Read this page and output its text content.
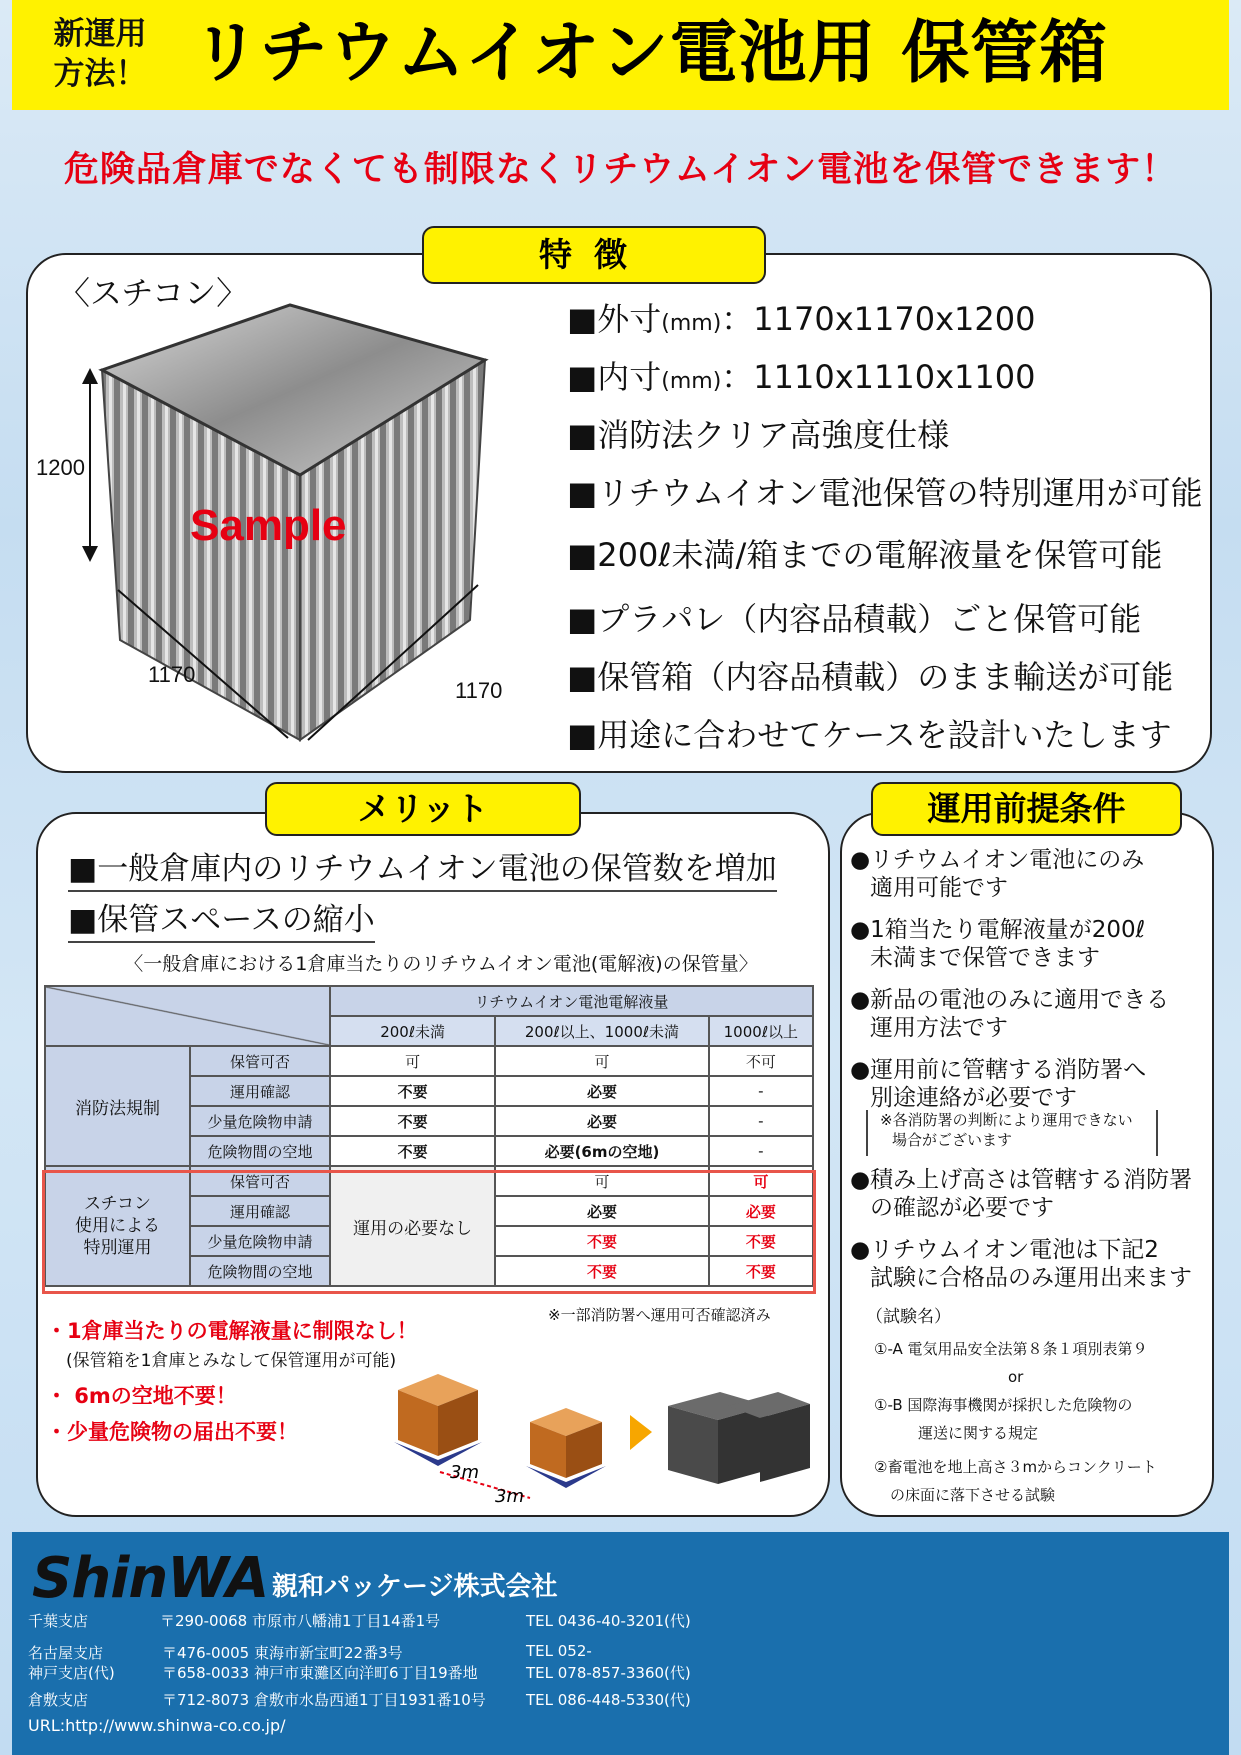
新運用
方法！ リチウムイオン電池用 保管箱
危険品倉庫でなくても制限なくリチウムイオン電池を保管できます！
特徴
〈スチコン〉
Sample
1200
1170
1170
■外寸(mm)：1170x1170x1200
■内寸(mm)：1110x1110x1100
■消防法クリア高強度仕様
■リチウムイオン電池保管の特別運用が可能
■200ℓ未満/箱までの電解液量を保管可能
■プラパレ（内容品積載）ごと保管可能
■保管箱（内容品積載）のまま輸送が可能
■用途に合わせてケースを設計いたします
メリット
■一般倉庫内のリチウムイオン電池の保管数を増加
■保管スペースの縮小
〈一般倉庫における1倉庫当たりのリチウムイオン電池(電解液)の保管量〉
		リチウムイオン電池電解液量		
		200ℓ未満	200ℓ以上、1000ℓ未満	1000ℓ以上
消防法規制	保管可否	可	可	不可
	運用確認	不要	必要	-
	少量危険物申請	不要	必要	-
	危険物間の空地	不要	必要(6mの空地)	-
スチコン
使用による
特別運用	保管可否	運用の必要なし	可	可
	運用確認		必要	必要
	少量危険物申請		不要	不要
	危険物間の空地		不要	不要
※一部消防署へ運用可否確認済み
・1倉庫当たりの電解液量に制限なし！
(保管箱を1倉庫とみなして保管運用が可能)
・ 6mの空地不要！
・少量危険物の届出不要！
3m
3m
運用前提条件
●リチウムイオン電池にのみ
適用可能です
●1箱当たり電解液量が200ℓ
未満まで保管できます
●新品の電池のみに適用できる
運用方法です
●運用前に管轄する消防署へ
別途連絡が必要です
※各消防署の判断により運用できない
場合がございます
●積み上げ高さは管轄する消防署
の確認が必要です
●リチウムイオン電池は下記2
試験に合格品のみ運用出来ます
（試験名）
①-A 電気用品安全法第８条１項別表第９
or
①-B 国際海事機関が採択した危険物の
運送に関する規定
②畜電池を地上高さ３mからコンクリート
の床面に落下させる試験
ShinWA 親和パッケージ株式会社
千葉支店	〒290-0068 市原市八幡浦1丁目14番1号	TEL 0436-40-3201(代)
名古屋支店	〒476-0005 東海市新宝町22番3号	TEL 052-
神戸支店(代)	〒658-0033 神戸市東灘区向洋町6丁目19番地	TEL 078-857-3360(代)
倉敷支店	〒712-8073 倉敷市水島西通1丁目1931番10号	TEL 086-448-5330(代)
URL:http://www.shinwa-co.co.jp/
